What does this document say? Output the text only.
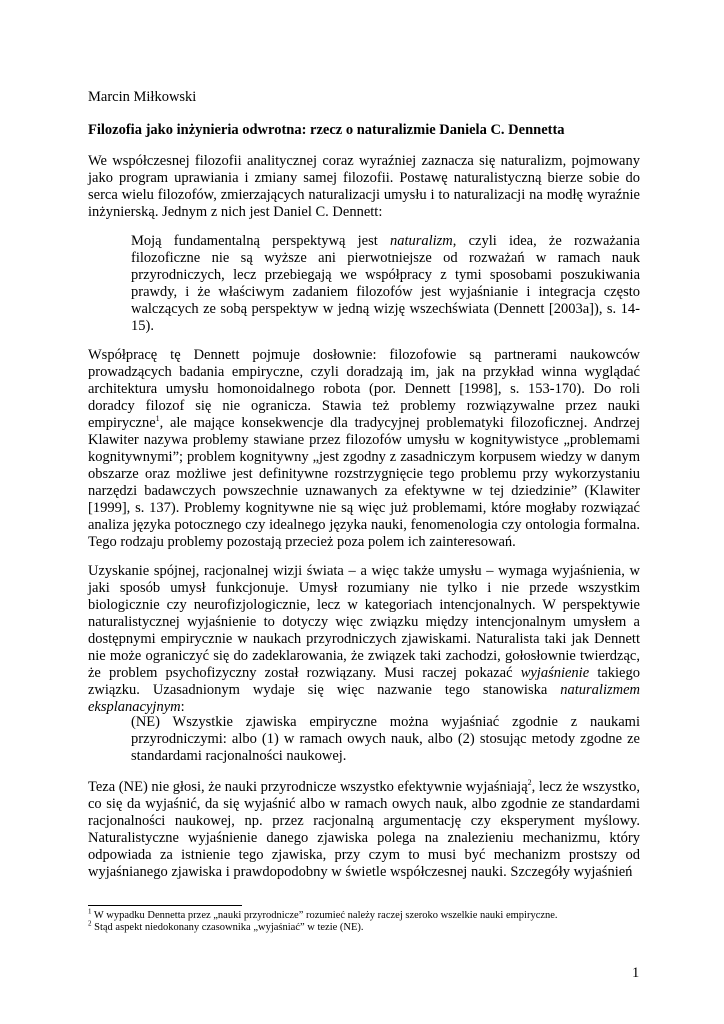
Marcin Miłkowski
Filozofia jako inżynieria odwrotna: rzecz o naturalizmie Daniela C. Dennetta

We współczesnej filozofii analitycznej coraz wyraźniej zaznacza się naturalizm, pojmowany jako program uprawiania i zmiany samej filozofii. Postawę naturalistyczną bierze sobie do serca wielu filozofów, zmierzających naturalizacji umysłu i to naturalizacji na modłę wyraźnie inżynierską. Jednym z nich jest Daniel C. Dennett:

Moją fundamentalną perspektywą jest naturalizm, czyli idea, że rozważania filozoficzne nie są wyższe ani pierwotniejsze od rozważań w ramach nauk przyrodniczych, lecz przebiegają we współpracy z tymi sposobami poszukiwania prawdy, i że właściwym zadaniem filozofów jest wyjaśnianie i integracja często walczących ze sobą perspektyw w jedną wizję wszechświata (Dennett [2003a]), s. 14-15).

Współpracę tę Dennett pojmuje dosłownie: filozofowie są partnerami naukowców prowadzących badania empiryczne, czyli doradzają im, jak na przykład winna wyglądać architektura umysłu homonoidalnego robota (por. Dennett [1998], s. 153-170). Do roli doradcy filozof się nie ogranicza. Stawia też problemy rozwiązywalne przez nauki empiryczne$^1$, ale mające konsekwencje dla tradycyjnej problematyki filozoficznej. Andrzej Klawiter nazywa problemy stawiane przez filozofów umysłu w kognitywistyce „problemami kognitywnymi”; problem kognitywny „jest zgodny z zasadniczym korpusem wiedzy w danym obszarze oraz możliwe jest definitywne rozstrzygnięcie tego problemu przy wykorzystaniu narzędzi badawczych powszechnie uznawanych za efektywne w tej dziedzinie” (Klawiter [1999], s. 137). Problemy kognitywne nie są więc już problemami, które mogłaby rozwiązać analiza języka potocznego czy idealnego języka nauki, fenomenologia czy ontologia formalna. Tego rodzaju problemy pozostają przecież poza polem ich zainteresowań.

Uzyskanie spójnej, racjonalnej wizji świata – a więc także umysłu – wymaga wyjaśnienia, w jaki sposób umysł funkcjonuje. Umysł rozumiany nie tylko i nie przede wszystkim biologicznie czy neurofizjologicznie, lecz w kategoriach intencjonalnych. W perspektywie naturalistycznej wyjaśnienie to dotyczy więc związku między intencjonalnym umysłem a dostępnymi empirycznie w naukach przyrodniczych zjawiskami. Naturalista taki jak Dennett nie może ograniczyć się do zadeklarowania, że związek taki zachodzi, gołosłownie twierdząc, że problem psychofizyczny został rozwiązany. Musi raczej pokazać wyjaśnienie takiego związku. Uzasadnionym wydaje się więc nazwanie tego stanowiska naturalizmem eksplanacyjnym:

(NE) Wszystkie zjawiska empiryczne można wyjaśniać zgodnie z naukami przyrodniczymi: albo (1) w ramach owych nauk, albo (2) stosując metody zgodne ze standardami racjonalności naukowej.

Teza (NE) nie głosi, że nauki przyrodnicze wszystko efektywnie wyjaśniają$^2$, lecz że wszystko, co się da wyjaśnić, da się wyjaśnić albo w ramach owych nauk, albo zgodnie ze standardami racjonalności naukowej, np. przez racjonalną argumentację czy eksperyment myślowy. Naturalistyczne wyjaśnienie danego zjawiska polega na znalezieniu mechanizmu, który odpowiada za istnienie tego zjawiska, przy czym to musi być mechanizm prostszy od wyjaśnianego zjawiska i prawdopodobny w świetle współczesnej nauki. Szczegóły wyjaśnień

$^1$ W wypadku Dennetta przez „nauki przyrodnicze” rozumieć należy raczej szeroko wszelkie nauki empiryczne.
$^2$ Stąd aspekt niedokonany czasownika „wyjaśniać” w tezie (NE).
1
